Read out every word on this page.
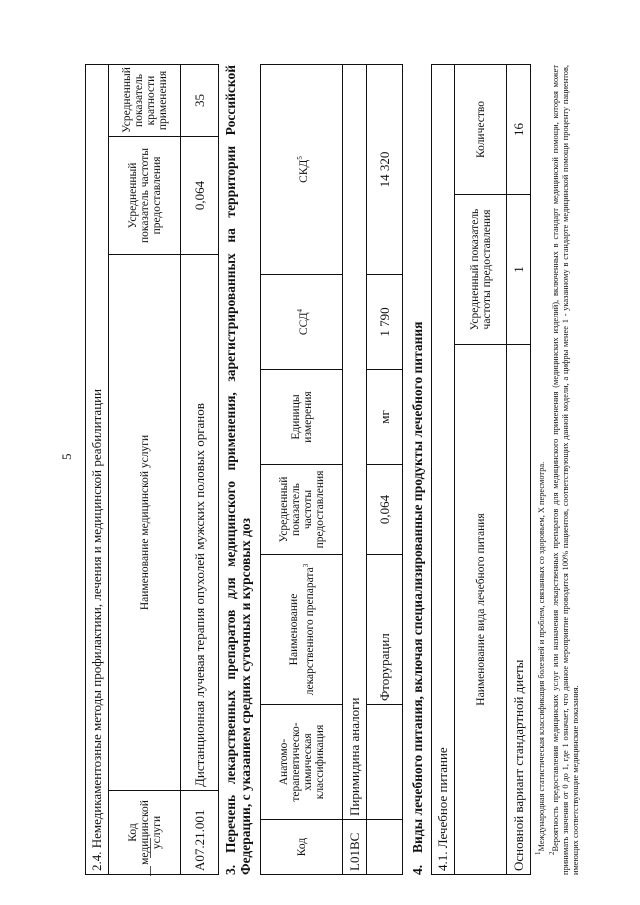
5 2.4. Немедикаментозные методы профилактики, лечения и медицинской реабилитации			
Код медицинской услуги	Наименование медицинской услуги	Усредненный показатель частоты предоставления	Усредненный показатель кратности применения
A07.21.001	Дистанционная лучевая терапия опухолей мужских половых органов	0,064	35

3.Перечень лекарственных препаратов для медицинского применения, зарегистрированных на территории Российской Федерации, с указанием средних суточных и курсовых доз	Код	Анатомо-терапевтическо-химическая классификация	Наименование лекарственного препарата$^3$	Усредненный показатель частоты предоставления	Единицы измерения	ССД$^4$	СКД$^5$
L01BC	Пиримидина аналоги					
		Фторурацил	0,064	мг	1 790	14 320

4.Виды лечебного питания, включая специализированные продукты лечебного питания 4.1. Лечебное питание		
Наименование вида лечебного питания	Усредненный показатель частоты предоставления	Количество
Основной вариант стандартной диеты	1	16

$^1$Международная статистическая классификация болезней и проблем, связанных со здоровьем, X пересмотра.

$^2$Вероятность предоставления медицинских услуг или назначения лекарственных препаратов для медицинского применения (медицинских изделий), включенных в стандарт медицинской помощи, которая может принимать значения от 0 до 1, где 1 означает, что данное мероприятие проводится 100% пациентов, соответствующих данной модели, а цифры менее 1 - указанному в стандарте медицинской помощи проценту пациентов, имеющих соответствующие медицинские показания.
